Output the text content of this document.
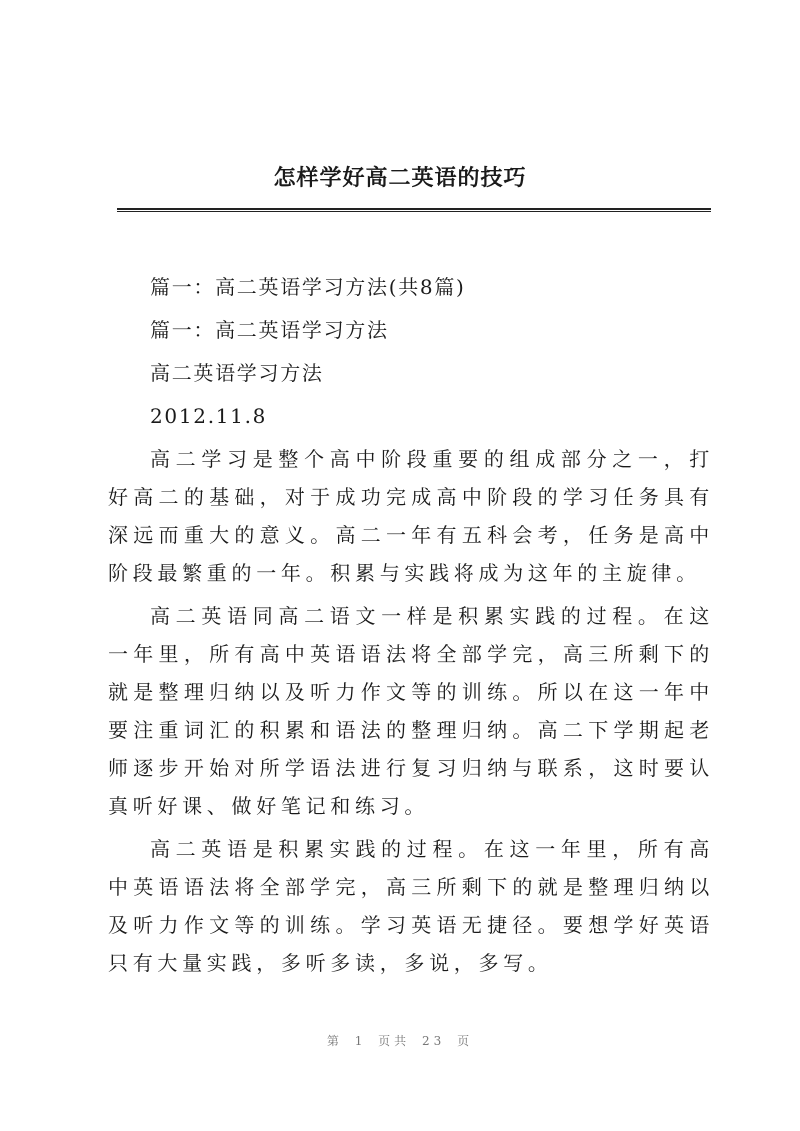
怎样学好高二英语的技巧
篇一：高二英语学习方法(共8篇)
篇一：高二英语学习方法
高二英语学习方法
2012.11.8

高二学习是整个高中阶段重要的组成部分之一，打好高二的基础，对于成功完成高中阶段的学习任务具有深远而重大的意义。高二一年有五科会考，任务是高中阶段最繁重的一年。积累与实践将成为这年的主旋律。

高二英语同高二语文一样是积累实践的过程。在这一年里，所有高中英语语法将全部学完，高三所剩下的就是整理归纳以及听力作文等的训练。所以在这一年中要注重词汇的积累和语法的整理归纳。高二下学期起老师逐步开始对所学语法进行复习归纳与联系，这时要认真听好课、做好笔记和练习。

高二英语是积累实践的过程。在这一年里，所有高中英语语法将全部学完，高三所剩下的就是整理归纳以及听力作文等的训练。学习英语无捷径。要想学好英语只有大量实践，多听多读，多说，多写。

第 1 页共 23 页
